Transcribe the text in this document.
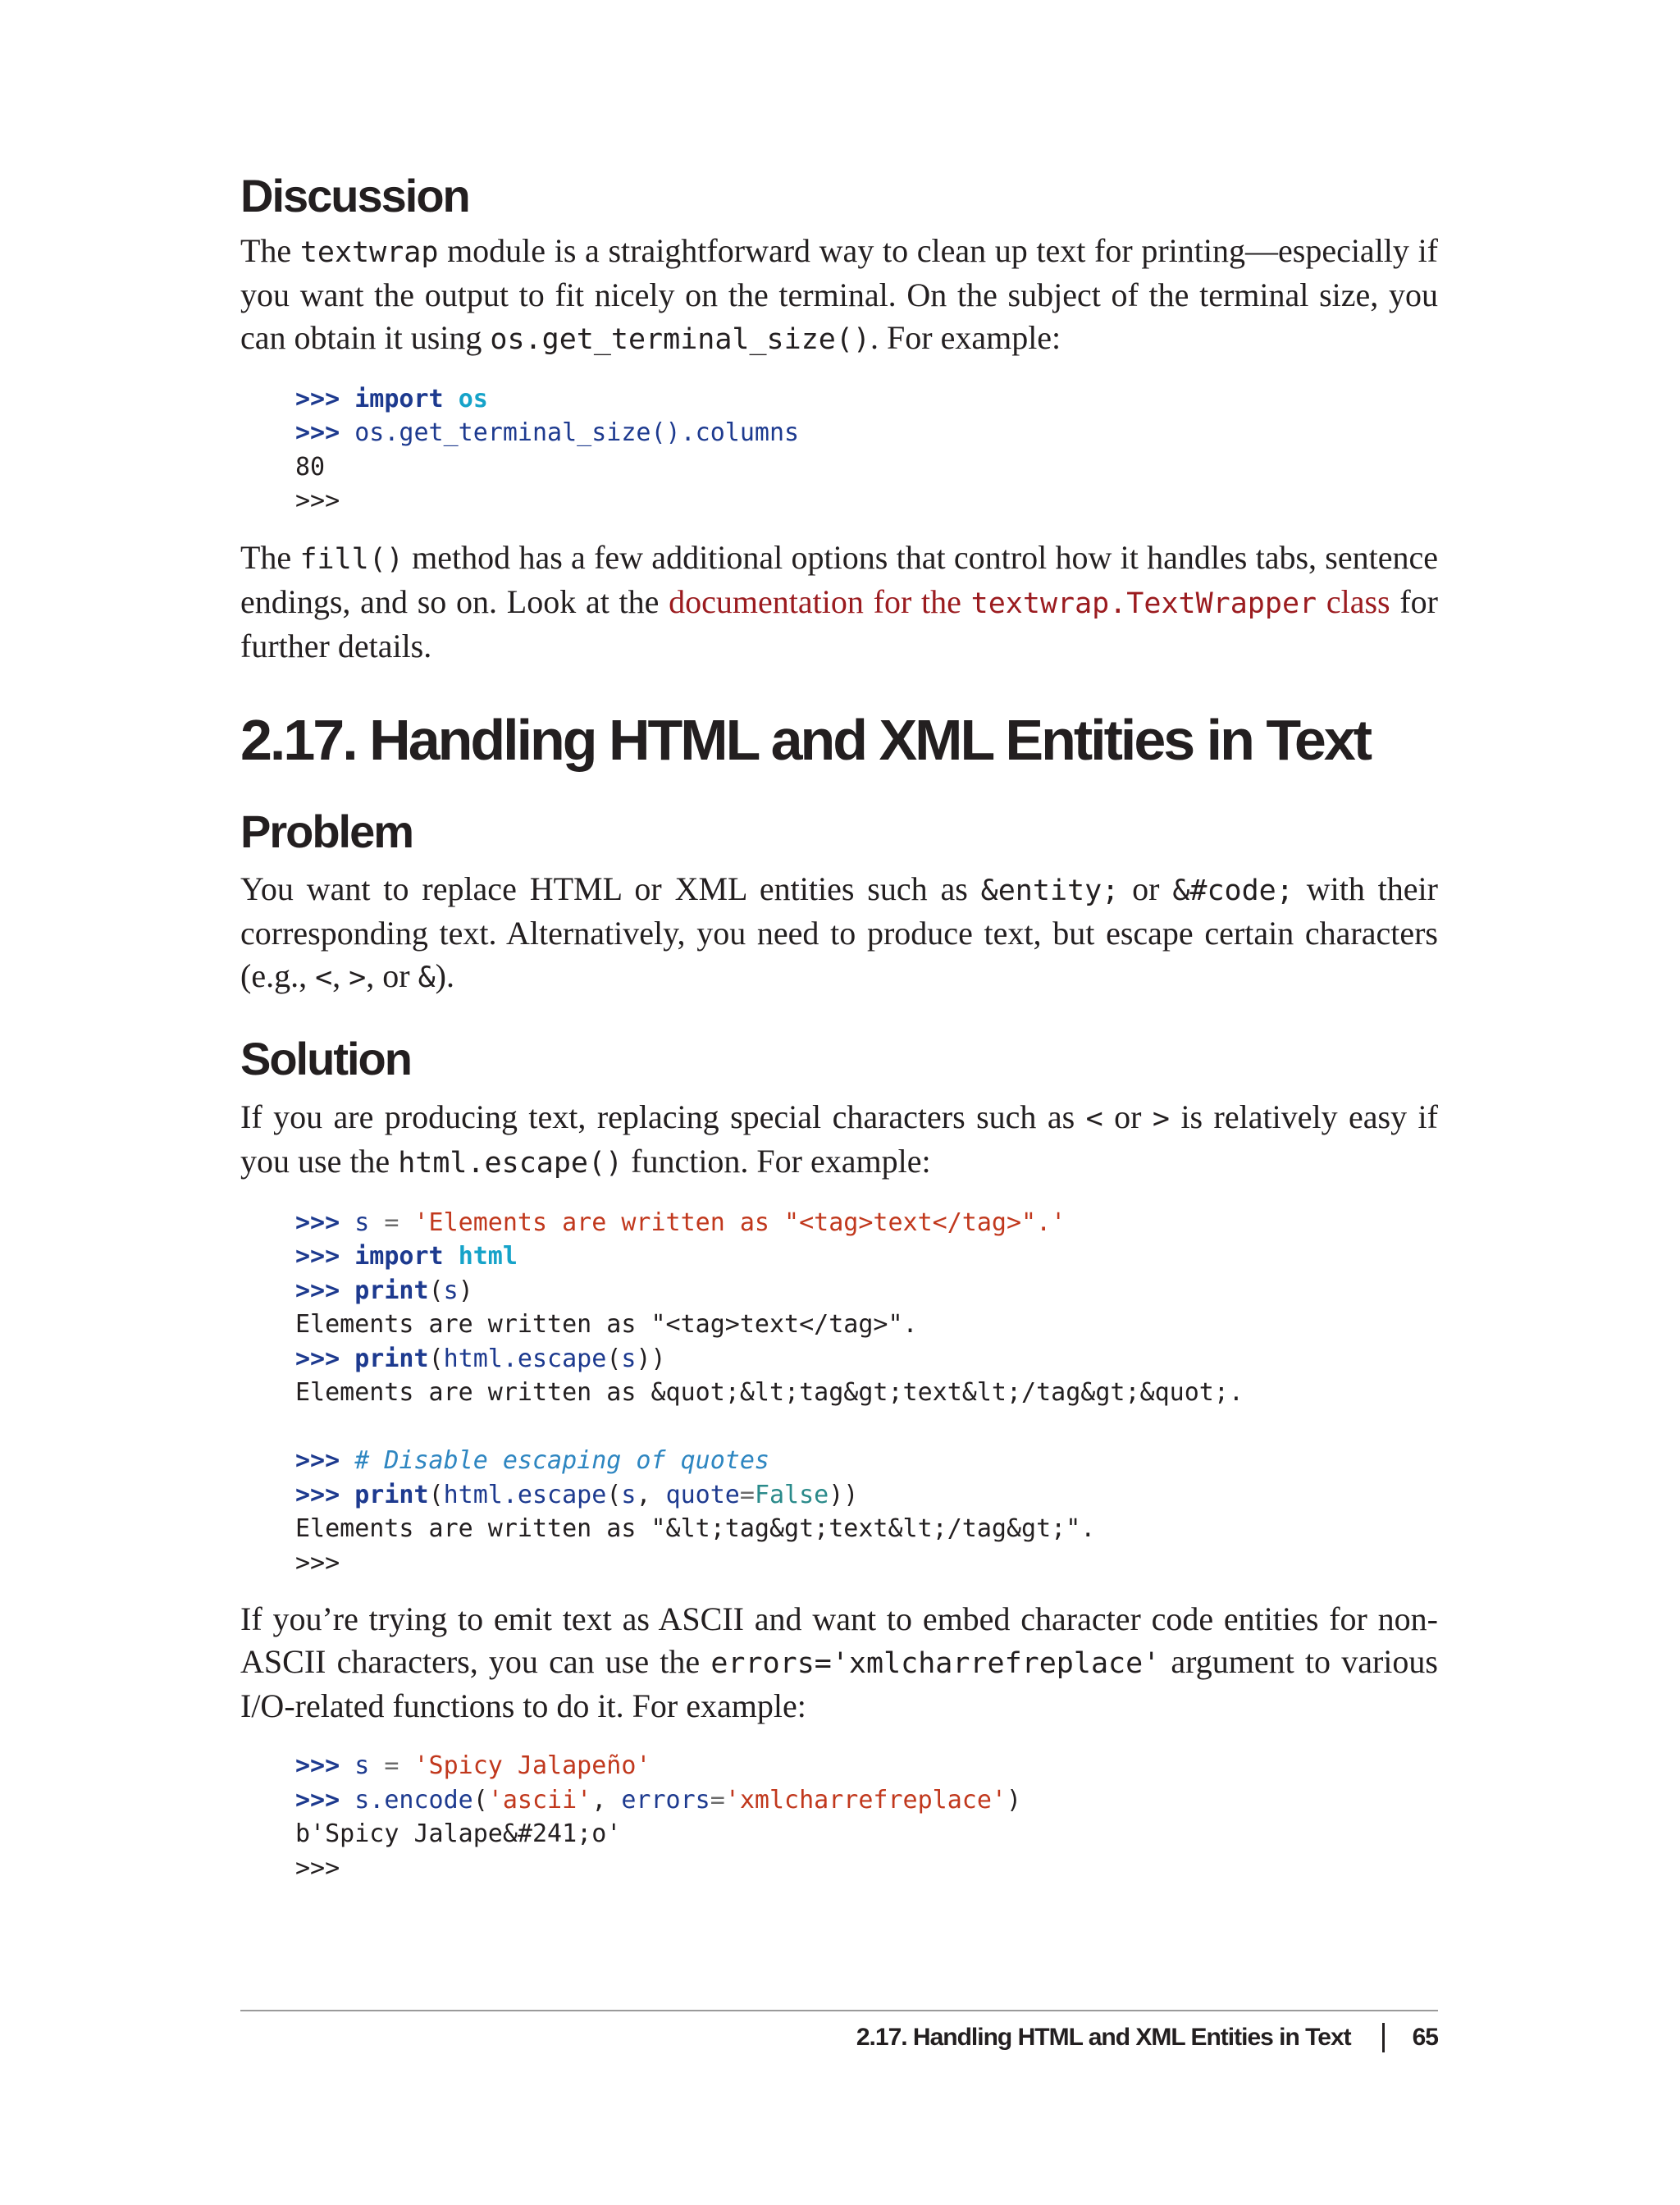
Discussion

The textwrap module is a straightforward way to clean up text for printing—especially if you want the output to fit nicely on the terminal. On the subject of the terminal size, you can obtain it using os.get_terminal_size(). For example:

>>> import os
>>> os.get_terminal_size().columns
80
>>>

The fill() method has a few additional options that control how it handles tabs, sentence endings, and so on. Look at the documentation for the textwrap.TextWrapper class for further details.

2.17. Handling HTML and XML Entities in Text
Problem

You want to replace HTML or XML entities such as &entity; or &#code; with their corresponding text. Alternatively, you need to produce text, but escape certain characters (e.g., <, >, or &).

Solution

If you are producing text, replacing special characters such as < or > is relatively easy if you use the html.escape() function. For example:

>>> s = 'Elements are written as "<tag>text</tag>".'
>>> import html
>>> print(s)
Elements are written as "<tag>text</tag>".
>>> print(html.escape(s))
Elements are written as &quot;&lt;tag&gt;text&lt;/tag&gt;&quot;.

>>> # Disable escaping of quotes
>>> print(html.escape(s, quote=False))
Elements are written as "&lt;tag&gt;text&lt;/tag&gt;".
>>>

If you’re trying to emit text as ASCII and want to embed character code entities for non-ASCII characters, you can use the errors='xmlcharrefreplace' argument to various I/O-related functions to do it. For example:

>>> s = 'Spicy Jalapeño'
>>> s.encode('ascii', errors='xmlcharrefreplace')
b'Spicy Jalape&#241;o'
>>>
2.17. Handling HTML and XML Entities in Text	65
